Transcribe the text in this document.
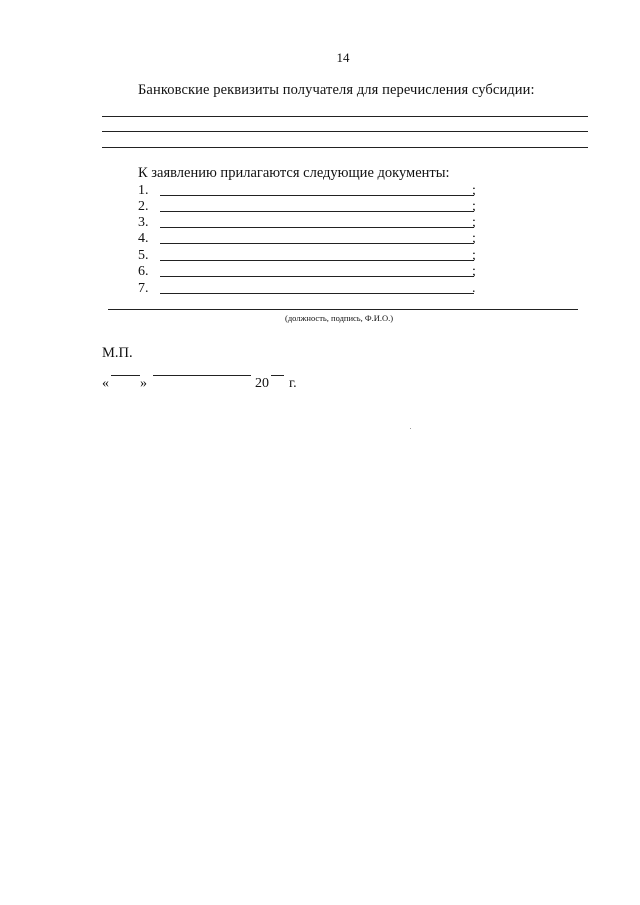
14
Банковские реквизиты получателя для перечисления субсидии:
К заявлению прилагаются следующие документы:
1.	;
2.	;
3.	;
4.	;
5.	;
6.	;
7.	.
(должность, подпись, Ф.И.О.)
М.П.
« »	20 г.
